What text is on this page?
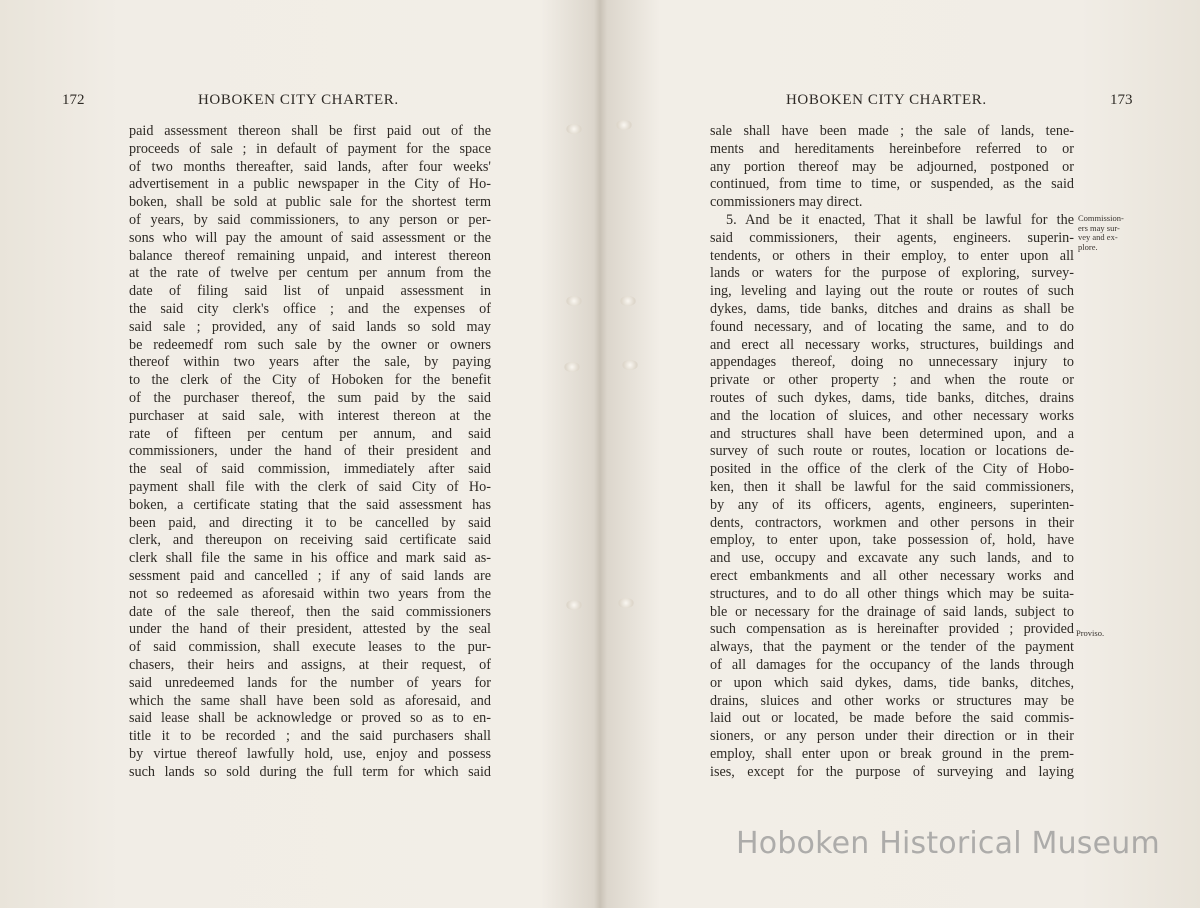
172	HOBOKEN CITY CHARTER.
paid assessment thereon shall be first paid out of the
proceeds of sale ; in default of payment for the space
of two months thereafter, said lands, after four weeks'
advertisement in a public newspaper in the City of Ho-
boken, shall be sold at public sale for the shortest term
of years, by said commissioners, to any person or per-
sons who will pay the amount of said assessment or the
balance thereof remaining unpaid, and interest thereon
at the rate of twelve per centum per annum from the
date of filing said list of unpaid assessment in
the said city clerk's office ; and the expenses of
said sale ; provided, any of said lands so sold may
be redeemedf rom such sale by the owner or owners
thereof within two years after the sale, by paying
to the clerk of the City of Hoboken for the benefit
of the purchaser thereof, the sum paid by the said
purchaser at said sale, with interest thereon at the
rate of fifteen per centum per annum, and said
commissioners, under the hand of their president and
the seal of said commission, immediately after said
payment shall file with the clerk of said City of Ho-
boken, a certificate stating that the said assessment has
been paid, and directing it to be cancelled by said
clerk, and thereupon on receiving said certificate said
clerk shall file the same in his office and mark said as-
sessment paid and cancelled ; if any of said lands are
not so redeemed as aforesaid within two years from the
date of the sale thereof, then the said commissioners
under the hand of their president, attested by the seal
of said commission, shall execute leases to the pur-
chasers, their heirs and assigns, at their request, of
said unredeemed lands for the number of years for
which the same shall have been sold as aforesaid, and
said lease shall be acknowledge or proved so as to en-
title it to be recorded ; and the said purchasers shall
by virtue thereof lawfully hold, use, enjoy and possess
such lands so sold during the full term for which said
HOBOKEN CITY CHARTER.	173
sale shall have been made ; the sale of lands, tene-
ments and hereditaments hereinbefore referred to or
any portion thereof may be adjourned, postponed or
continued, from time to time, or suspended, as the said
commissioners may direct.
5. And be it enacted, That it shall be lawful for the
said commissioners, their agents, engineers. superin-
tendents, or others in their employ, to enter upon all
lands or waters for the purpose of exploring, survey-
ing, leveling and laying out the route or routes of such
dykes, dams, tide banks, ditches and drains as shall be
found necessary, and of locating the same, and to do
and erect all necessary works, structures, buildings and
appendages thereof, doing no unnecessary injury to
private or other property ; and when the route or
routes of such dykes, dams, tide banks, ditches, drains
and the location of sluices, and other necessary works
and structures shall have been determined upon, and a
survey of such route or routes, location or locations de-
posited in the office of the clerk of the City of Hobo-
ken, then it shall be lawful for the said commissioners,
by any of its officers, agents, engineers, superinten-
dents, contractors, workmen and other persons in their
employ, to enter upon, take possession of, hold, have
and use, occupy and excavate any such lands, and to
erect embankments and all other necessary works and
structures, and to do all other things which may be suita-
ble or necessary for the drainage of said lands, subject to
such compensation as is hereinafter provided ; provided
always, that the payment or the tender of the payment
of all damages for the occupancy of the lands through
or upon which said dykes, dams, tide banks, ditches,
drains, sluices and other works or structures may be
laid out or located, be made before the said commis-
sioners, or any person under their direction or in their
employ, shall enter upon or break ground in the prem-
ises, except for the purpose of surveying and laying
Commission-
ers may sur-
vey and ex-
plore.
Proviso.
Hoboken Historical Museum
